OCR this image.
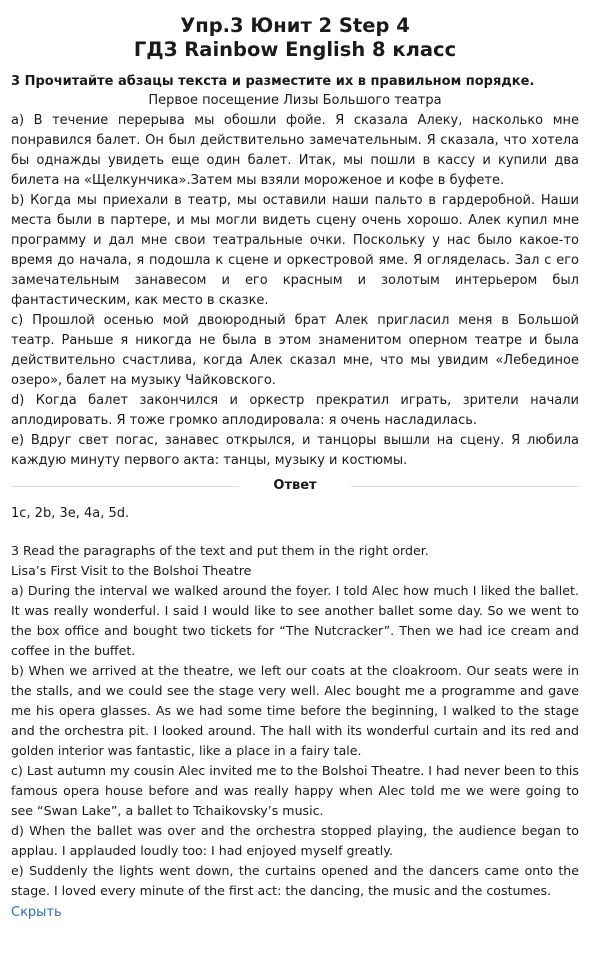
Упр.3 Юнит 2 Step 4
ГДЗ Rainbow English 8 класс

3 Прочитайте абзацы текста и разместите их в правильном порядке.

Первое посещение Лизы Большого театра

а) В течение перерыва мы обошли фойе. Я сказала Алеку, насколько мне понравился балет. Он был действительно замечательным. Я сказала, что хотела бы однажды увидеть еще один балет. Итак, мы пошли в кассу и купили два билета на «Щелкунчика».Затем мы взяли мороженое и кофе в буфете.

b) Когда мы приехали в театр, мы оставили наши пальто в гардеробной. Наши места были в партере, и мы могли видеть сцену очень хорошо. Алек купил мне программу и дал мне свои театральные очки. Поскольку у нас было какое-то время до начала, я подошла к сцене и оркестровой яме. Я огляделась. Зал с его замечательным занавесом и его красным и золотым интерьером был фантастическим, как место в сказке.

c) Прошлой осенью мой двоюродный брат Алек пригласил меня в Большой театр. Раньше я никогда не была в этом знаменитом оперном театре и была действительно счастлива, когда Алек сказал мне, что мы увидим «Лебединое озеро», балет на музыку Чайковского.

d) Когда балет закончился и оркестр прекратил играть, зрители начали аплодировать. Я тоже громко аплодировала: я очень насладилась.

e) Вдруг свет погас, занавес открылся, и танцоры вышли на сцену. Я любила каждую минуту первого акта: танцы, музыку и костюмы.

Ответ

1c, 2b, 3e, 4a, 5d.

3 Read the paragraphs of the text and put them in the right order.

Lisa’s First Visit to the Bolshoi Theatre

a) During the interval we walked around the foyer. I told Alec how much I liked the ballet. It was really wonderful. I said I would like to see another ballet some day. So we went to the box office and bought two tickets for “The Nutcracker”. Then we had ice cream and coffee in the buffet.

b) When we arrived at the theatre, we left our coats at the cloakroom. Our seats were in the stalls, and we could see the stage very well. Alec bought me a programme and gave me his opera glasses. As we had some time before the beginning, I walked to the stage and the orchestra pit. I looked around. The hall with its wonderful curtain and its red and golden interior was fantastic, like a place in a fairy tale.

c) Last autumn my cousin Alec invited me to the Bolshoi Theatre. I had never been to this famous opera house before and was really happy when Alec told me we were going to see “Swan Lake”, a ballet to Tchaikovsky’s music.

d) When the ballet was over and the orchestra stopped playing, the audience began to applau. I applauded loudly too: I had enjoyed myself greatly.

e) Suddenly the lights went down, the curtains opened and the dancers came onto the stage. I loved every minute of the first act: the dancing, the music and the costumes.

Скрыть
